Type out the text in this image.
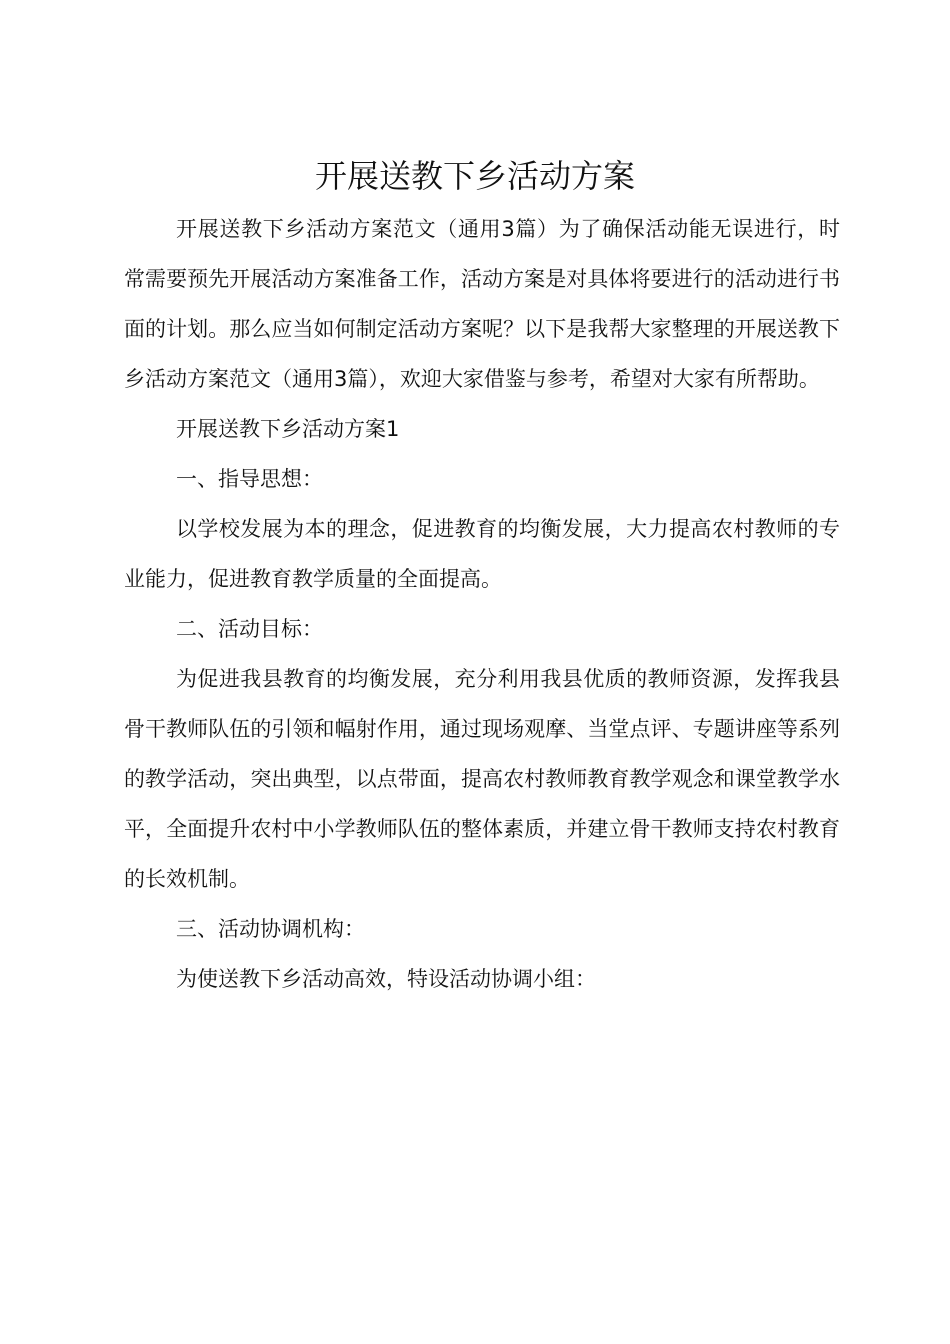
开展送教下乡活动方案

开展送教下乡活动方案范文（通用3篇）为了确保活动能无误进行，时常需要预先开展活动方案准备工作，活动方案是对具体将要进行的活动进行书面的计划。那么应当如何制定活动方案呢？以下是我帮大家整理的开展送教下乡活动方案范文（通用3篇），欢迎大家借鉴与参考，希望对大家有所帮助。

开展送教下乡活动方案1

一、指导思想：

以学校发展为本的理念，促进教育的均衡发展，大力提高农村教师的专业能力，促进教育教学质量的全面提高。

二、活动目标：

为促进我县教育的均衡发展，充分利用我县优质的教师资源，发挥我县骨干教师队伍的引领和幅射作用，通过现场观摩、当堂点评、专题讲座等系列的教学活动，突出典型，以点带面，提高农村教师教育教学观念和课堂教学水平，全面提升农村中小学教师队伍的整体素质，并建立骨干教师支持农村教育的长效机制。

三、活动协调机构：

为使送教下乡活动高效，特设活动协调小组：
